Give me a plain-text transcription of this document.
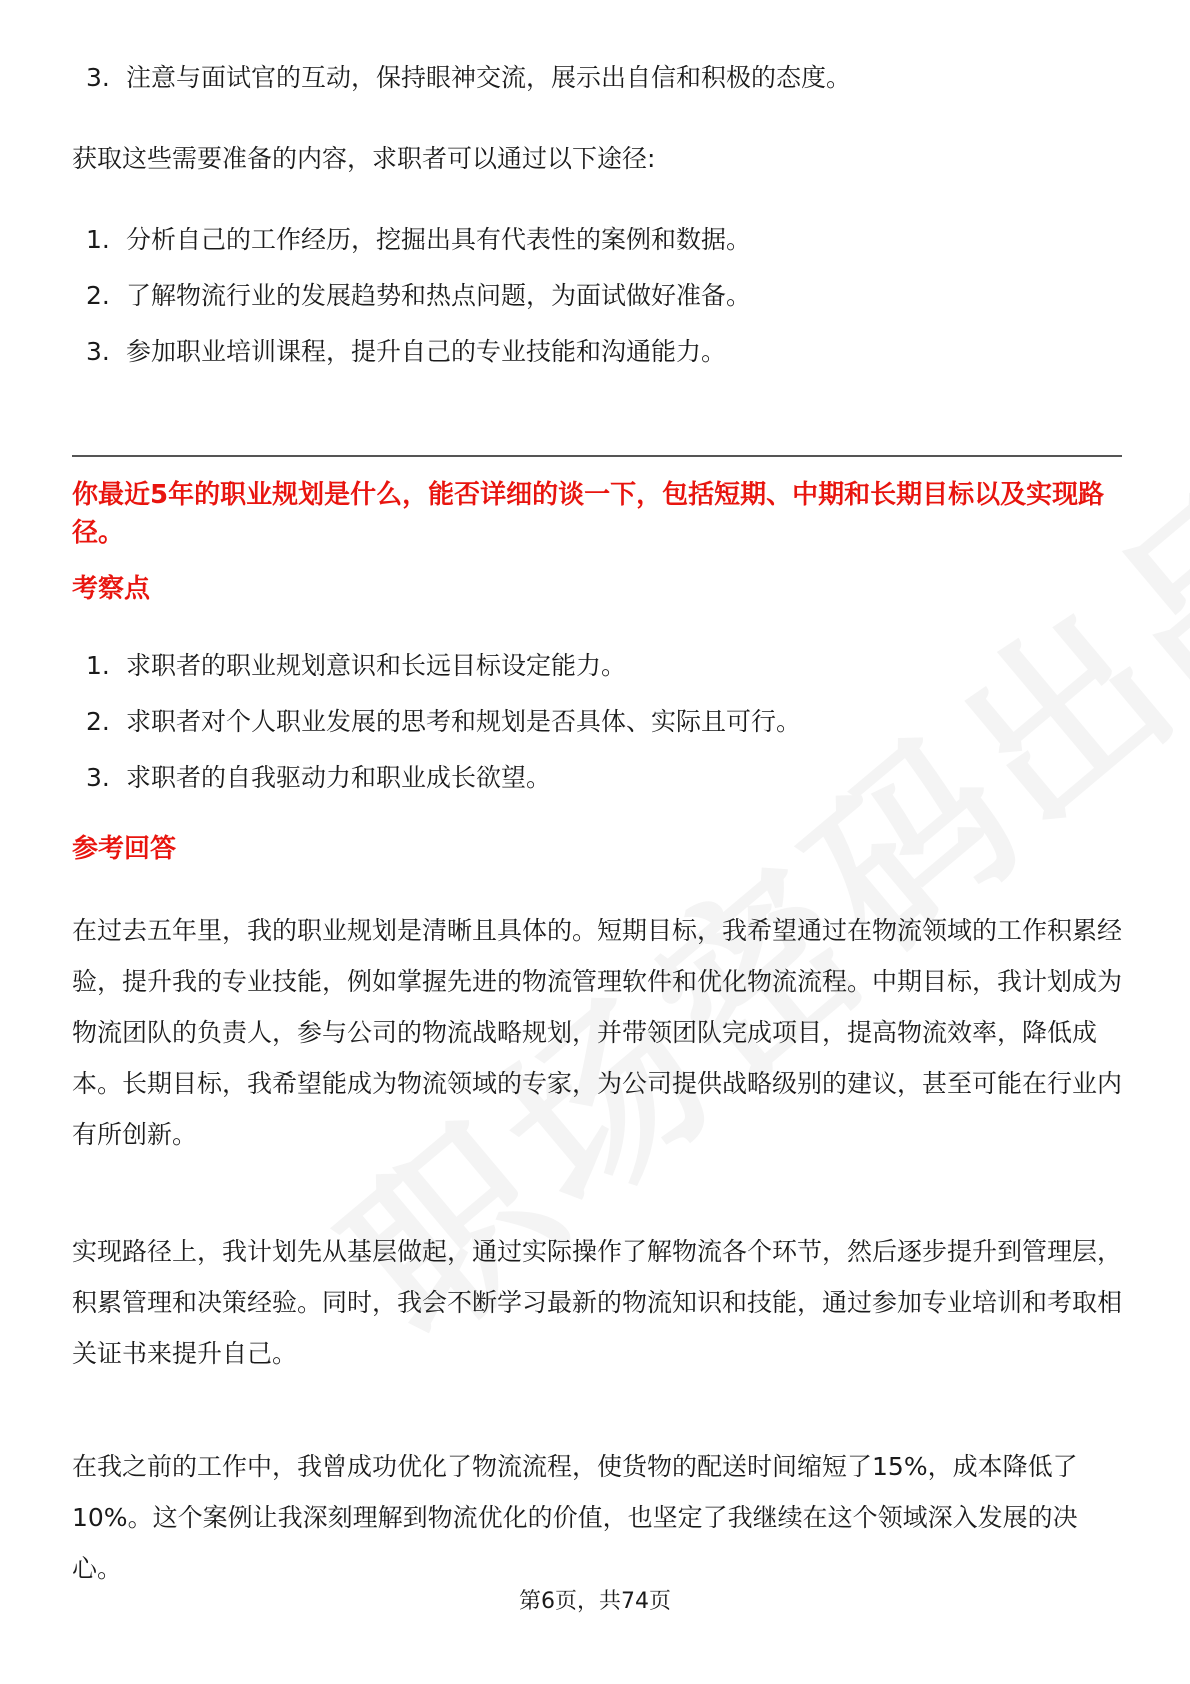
3. 注意与面试官的互动，保持眼神交流，展示出自信和积极的态度。
获取这些需要准备的内容，求职者可以通过以下途径:
1. 分析自己的工作经历，挖掘出具有代表性的案例和数据。
2. 了解物流行业的发展趋势和热点问题，为面试做好准备。
3. 参加职业培训课程，提升自己的专业技能和沟通能力。
你最近5年的职业规划是什么，能否详细的谈一下，包括短期、中期和长期目标以及实现路径。
考察点
1. 求职者的职业规划意识和长远目标设定能力。
2. 求职者对个人职业发展的思考和规划是否具体、实际且可行。
3. 求职者的自我驱动力和职业成长欲望。
参考回答
在过去五年里，我的职业规划是清晰且具体的。短期目标，我希望通过在物流领域的工作积累经验，提升我的专业技能，例如掌握先进的物流管理软件和优化物流流程。中期目标，我计划成为物流团队的负责人，参与公司的物流战略规划，并带领团队完成项目，提高物流效率，降低成本。长期目标，我希望能成为物流领域的专家，为公司提供战略级别的建议，甚至可能在行业内有所创新。
实现路径上，我计划先从基层做起，通过实际操作了解物流各个环节，然后逐步提升到管理层，积累管理和决策经验。同时，我会不断学习最新的物流知识和技能，通过参加专业培训和考取相关证书来提升自己。
在我之前的工作中，我曾成功优化了物流流程，使货物的配送时间缩短了15%，成本降低了10%。这个案例让我深刻理解到物流优化的价值，也坚定了我继续在这个领域深入发展的决心。
第6页，共74页
